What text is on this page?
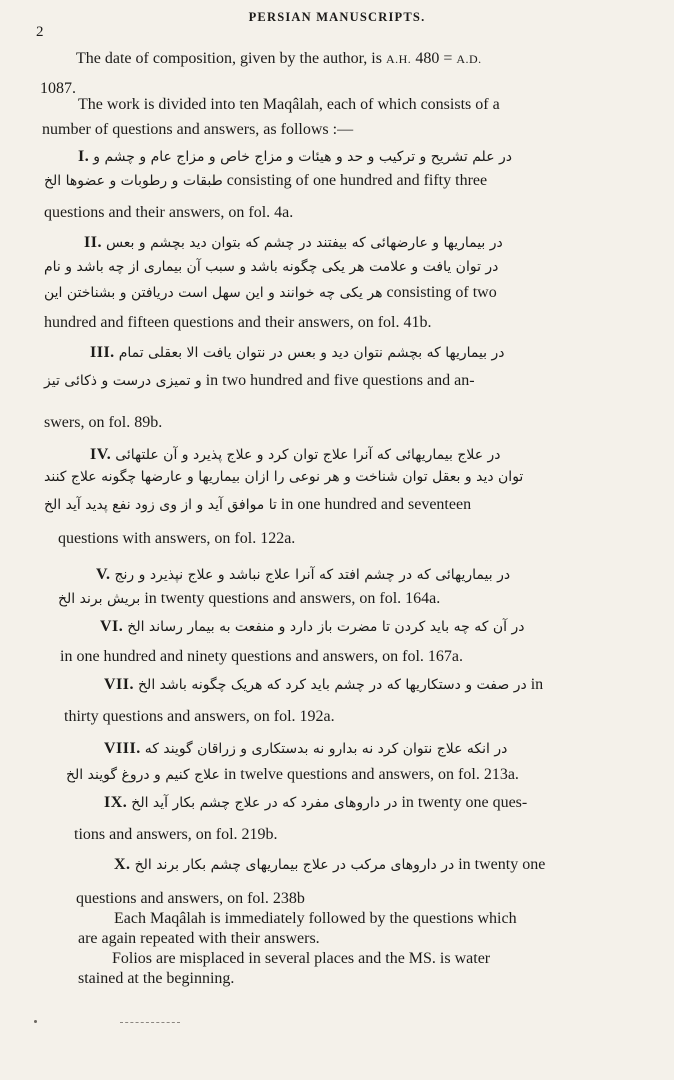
2
PERSIAN MANUSCRIPTS.
The date of composition, given by the author, is A.H. 480 = A.D.
1087.
The work is divided into ten Maqâlah, each of which consists of a
number of questions and answers, as follows :—
I. در علم تشریح و ترکیب و حد و هیئات و مزاج خاص و مزاج عام و چشم و
طبقات و رطوبات و عضوها الخ consisting of one hundred and fifty three
questions and their answers, on fol. 4a.
II. در بیماریها و عارضهائی که بیفتند در چشم که بتوان دید بچشم و بعس
در توان یافت و علامت هر یکی چگونه باشد و سبب آن بیماری از چه باشد و نام
هر یکی چه خوانند و این سهل است دریافتن و بشناختن این consisting of two
hundred and fifteen questions and their answers, on fol. 41b.
III. در بیماریها که بچشم نتوان دید و بعس در نتوان یافت الا بعقلی تمام
و تمیزی درست و ذکائی تیز in two hundred and five questions and an-
swers, on fol. 89b.
IV. در علاج بیماریهائی که آنرا علاج توان کرد و علاج پذیرد و آن علتهائی
توان دید و بعقل توان شناخت و هر نوعی را ازان بیماریها و عارضها چگونه علاج کنند
تا موافق آید و از وی زود نفع پدید آید الخ in one hundred and seventeen
questions with answers, on fol. 122a.
V. در بیماریهائی که در چشم افتد که آنرا علاج نباشد و علاج نپذیرد و رنج
بریش برند الخ in twenty questions and answers, on fol. 164a.
VI. در آن که چه باید کردن تا مضرت باز دارد و منفعت به بیمار رساند الخ
in one hundred and ninety questions and answers, on fol. 167a.
VII. در صفت و دستکاریها که در چشم باید کرد که هریک چگونه باشد الخ in
thirty questions and answers, on fol. 192a.
VIII. در انکه علاج نتوان کرد نه بدارو نه بدستکاری و زراقان گویند که
علاج کنیم و دروغ گویند الخ in twelve questions and answers, on fol. 213a.
IX. در داروهای مفرد که در علاج چشم بکار آید الخ in twenty one ques-
tions and answers, on fol. 219b.
X. در داروهای مرکب در علاج بیماریهای چشم بکار برند الخ in twenty one
questions and answers, on fol. 238b
Each Maqâlah is immediately followed by the questions which
are again repeated with their answers.
Folios are misplaced in several places and the MS. is water
stained at the beginning.
